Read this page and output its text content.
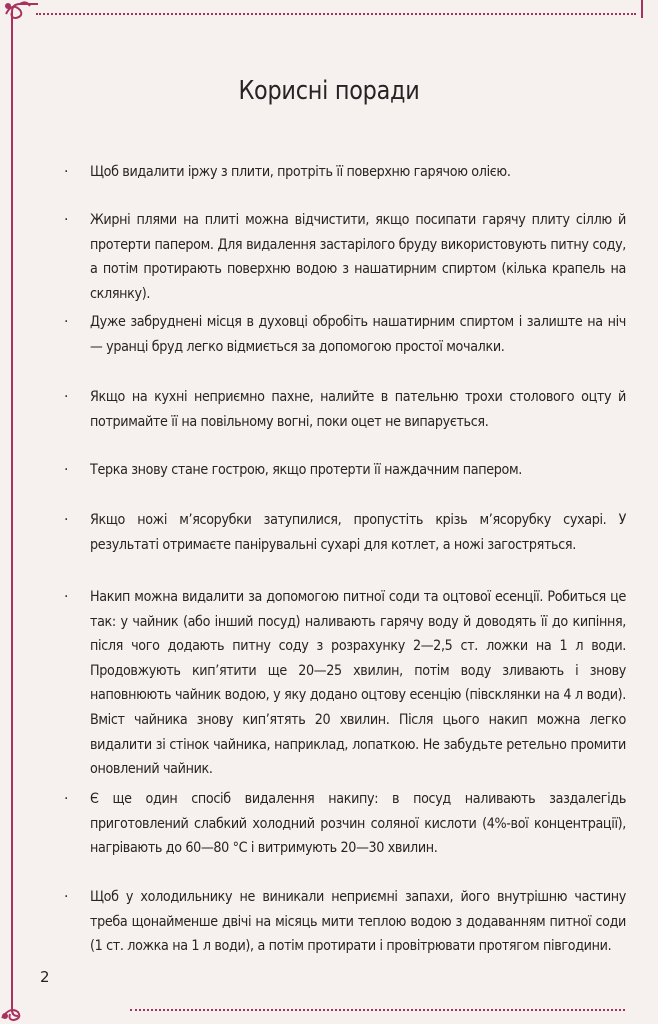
Корисні поради
· Щоб видалити іржу з плити, протріть її поверхню гарячою олією.
· Жирні плями на плиті можна відчистити, якщо посипати гарячу плиту сіллю й протерти папером. Для видалення застарілого бруду використовують питну соду, а потім протирають поверхню водою з нашатирним спиртом (кілька крапель на склянку).
· Дуже забруднені місця в духовці обробіть нашатирним спиртом і залиште на ніч — уранці бруд легко відмиється за допомогою простої мочалки.
· Якщо на кухні неприємно пахне, налийте в пательню трохи столового оцту й потримайте її на повільному вогні, поки оцет не випарується.
· Терка знову стане гострою, якщо протерти її наждачним папером.
· Якщо ножі м’ясорубки затупилися, пропустіть крізь м’ясорубку сухарі. У результаті отримаєте панірувальні сухарі для котлет, а ножі загостряться.
· Накип можна видалити за допомогою питної соди та оцтової есенції. Робиться це так: у чайник (або інший посуд) наливають гарячу воду й доводять її до кипіння, після чого додають питну соду з розрахунку 2—2,5 ст. ложки на 1 л води. Продовжують кип’ятити ще 20—25 хвилин, потім воду зливають і знову наповнюють чайник водою, у яку додано оцтову есенцію (півсклянки на 4 л води). Вміст чайника знову кип’ятять 20 хвилин. Після цього накип можна легко видалити зі стінок чайника, наприклад, лопаткою. Не забудьте ретельно промити оновлений чайник.
· Є ще один спосіб видалення накипу: в посуд наливають заздалегідь приготовлений слабкий холодний розчин соляної кислоти (4%-вої концентрації), нагрівають до 60—80 °С і витримують 20—30 хвилин.
· Щоб у холодильнику не виникали неприємні запахи, його внутрішню частину треба щонайменше двічі на місяць мити теплою водою з додаванням питної соди (1 ст. ложка на 1 л води), а потім протирати і провітрювати протягом півгодини.
2
